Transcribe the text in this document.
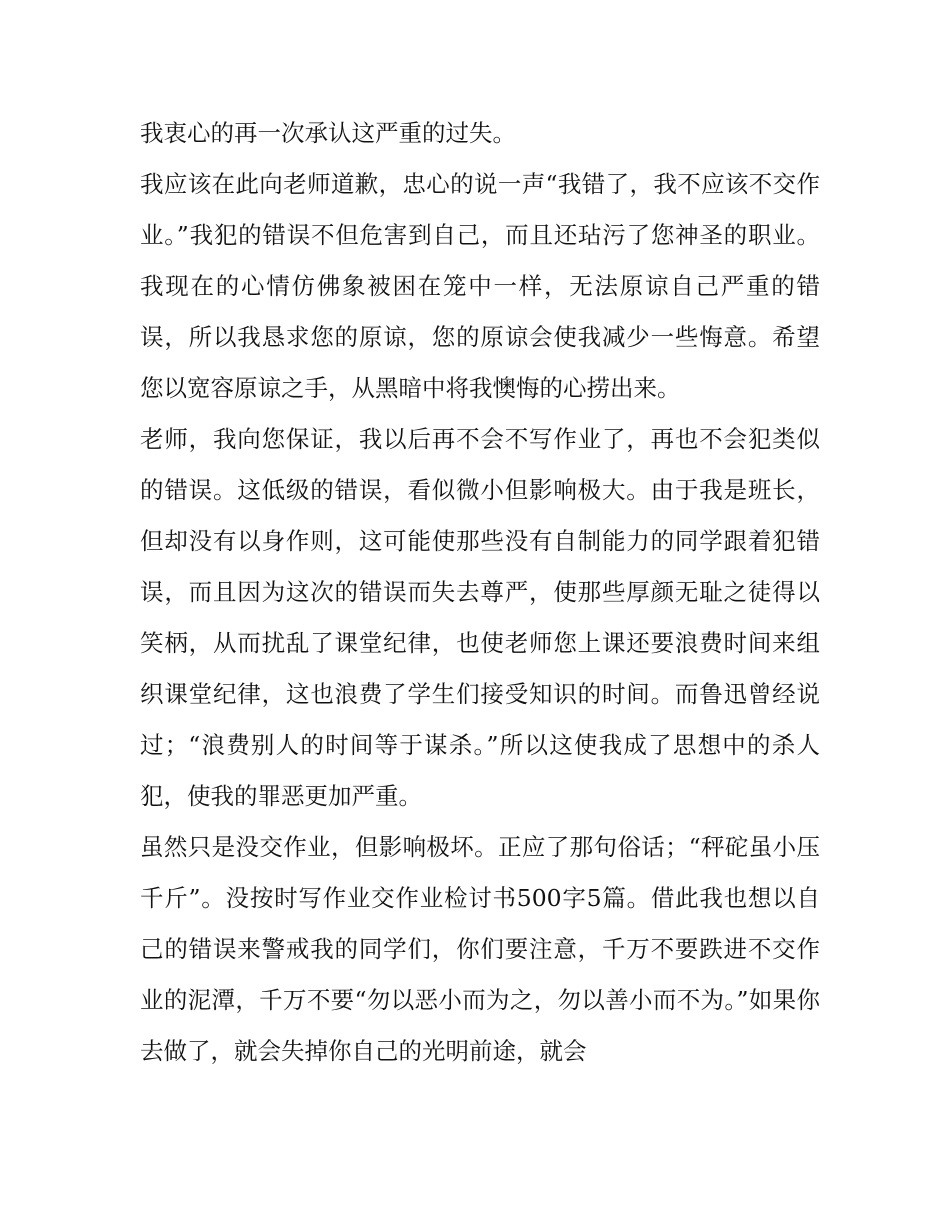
我衷心的再一次承认这严重的过失。

我应该在此向老师道歉，忠心的说一声“我错了，我不应该不交作业。”我犯的错误不但危害到自己，而且还玷污了您神圣的职业。我现在的心情仿佛象被困在笼中一样，无法原谅自己严重的错误，所以我恳求您的原谅，您的原谅会使我减少一些悔意。希望您以宽容原谅之手，从黑暗中将我懊悔的心捞出来。

老师，我向您保证，我以后再不会不写作业了，再也不会犯类似的错误。这低级的错误，看似微小但影响极大。由于我是班长，但却没有以身作则，这可能使那些没有自制能力的同学跟着犯错误，而且因为这次的错误而失去尊严，使那些厚颜无耻之徒得以笑柄，从而扰乱了课堂纪律，也使老师您上课还要浪费时间来组织课堂纪律，这也浪费了学生们接受知识的时间。而鲁迅曾经说过；“浪费别人的时间等于谋杀。”所以这使我成了思想中的杀人犯，使我的罪恶更加严重。

虽然只是没交作业，但影响极坏。正应了那句俗话；“秤砣虽小压千斤”。没按时写作业交作业检讨书500字5篇。借此我也想以自己的错误来警戒我的同学们，你们要注意，千万不要跌进不交作业的泥潭，千万不要“勿以恶小而为之，勿以善小而不为。”如果你去做了，就会失掉你自己的光明前途，就会
